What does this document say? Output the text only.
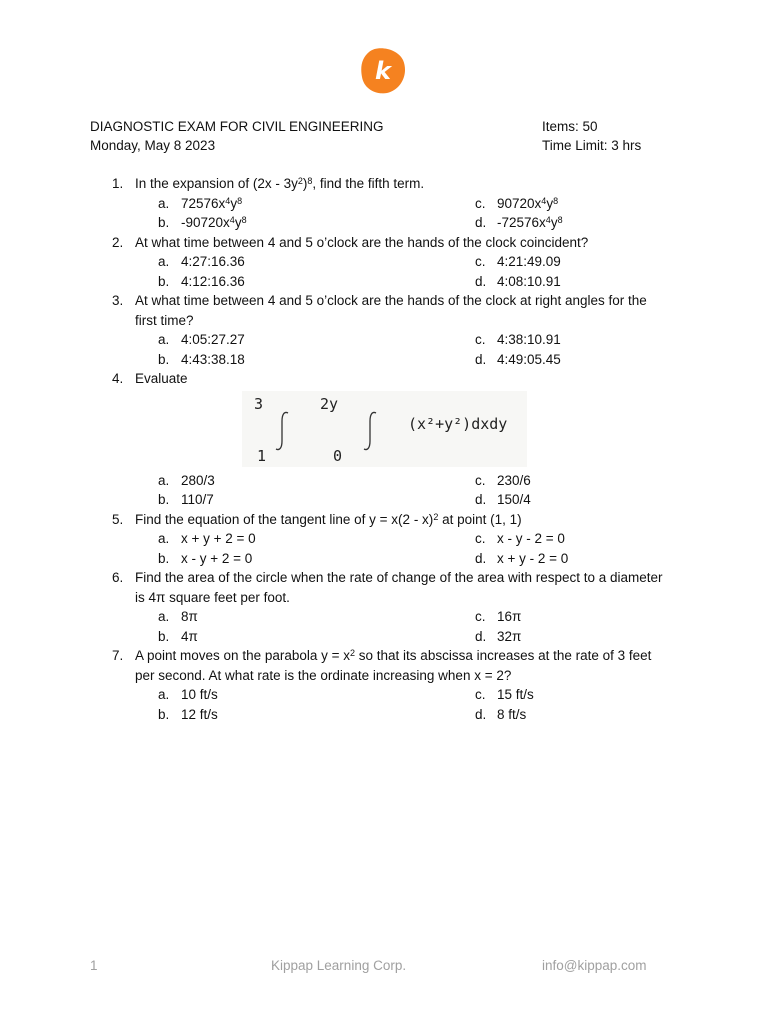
k
DIAGNOSTIC EXAM FOR CIVIL ENGINEERING
Monday, May 8 2023
Items: 50
Time Limit: 3 hrs
1. In the expansion of $(2x - 3y^2)^8$, find the fifth term.
a. $72576x^4y^8$	c. $90720x^4y^8$
b. $-90720x^4y^8$	d. $-72576x^4y^8$
2. At what time between 4 and 5 o’clock are the hands of the clock coincident?
a. 4:27:16.36	c. 4:21:49.09
b. 4:12:16.36	d. 4:08:10.91
3. At what time between 4 and 5 o’clock are the hands of the clock at right angles for the
first time?
a. 4:05:27.27	c. 4:38:10.91
b. 4:43:38.18	d. 4:49:05.45
4. Evaluate
3
1
2y
0
(x²+y²)dxdy
a. 280/3	c. 230/6
b. 110/7	d. 150/4
5. Find the equation of the tangent line of y = x(2 - x)$^2$ at point (1, 1)
a. x + y + 2 = 0	c. x - y - 2 = 0
b. x - y + 2 = 0	d. x + y - 2 = 0
6. Find the area of the circle when the rate of change of the area with respect to a diameter
is 4π square feet per foot.
a. 8π	c. 16π
b. 4π	d. 32π
7. A point moves on the parabola $y = x^2$ so that its abscissa increases at the rate of 3 feet
per second. At what rate is the ordinate increasing when x = 2?
a. 10 ft/s	c. 15 ft/s
b. 12 ft/s	d. 8 ft/s
1	Kippap Learning Corp.	info@kippap.com
